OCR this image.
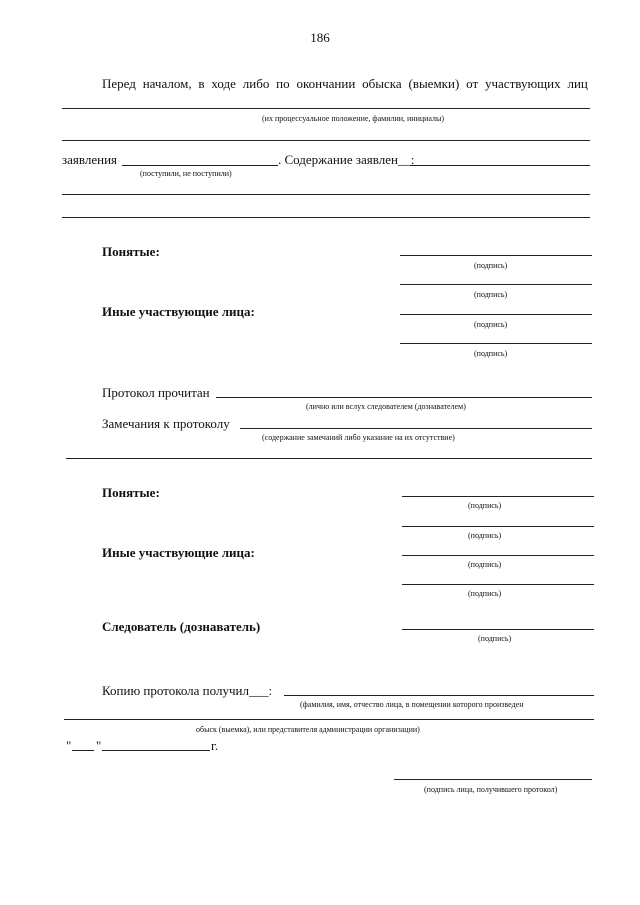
186
Перед началом, в ходе либо по окончании обыска (выемки) от участвующих лиц
(их процессуальное положение, фамилии, инициалы)
заявления	. Содержание заявлен__:
(поступили, не поступили)
Понятые:
(подпись)
(подпись)
Иные участвующие лица:
(подпись)
(подпись)
Протокол прочитан
(лично или вслух следователем (дознавателем)
Замечания к протоколу
(содержание замечаний либо указание на их отсутствие)
Понятые:
(подпись)
(подпись)
Иные участвующие лица:
(подпись)
(подпись)
Следователь (дознаватель)
(подпись)
Копию протокола получил___:
(фамилия, имя, отчество лица, в помещении которого произведен
обыск (выемка), или представителя администрации организации)
" "	г.
(подпись лица, получившего протокол)
